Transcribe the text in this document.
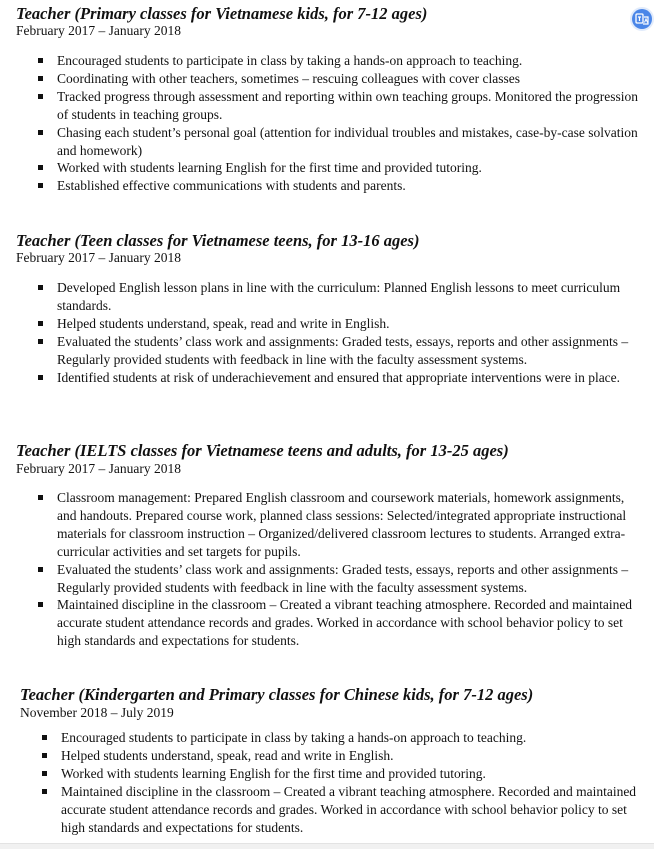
Teacher (Primary classes for Vietnamese kids, for 7-12 ages)
February 2017 – January 2018
Encouraged students to participate in class by taking a hands-on approach to teaching.
Coordinating with other teachers, sometimes – rescuing colleagues with cover classes
Tracked progress through assessment and reporting within own teaching groups. Monitored the progression of students in teaching groups.
Chasing each student’s personal goal (attention for individual troubles and mistakes, case-by-case solvation and homework)
Worked with students learning English for the first time and provided tutoring.
Established effective communications with students and parents.
Teacher (Teen classes for Vietnamese teens, for 13-16 ages)
February 2017 – January 2018
Developed English lesson plans in line with the curriculum: Planned English lessons to meet curriculum standards.
Helped students understand, speak, read and write in English.
Evaluated the students’ class work and assignments: Graded tests, essays, reports and other assignments – Regularly provided students with feedback in line with the faculty assessment systems.
Identified students at risk of underachievement and ensured that appropriate interventions were in place.
Teacher (IELTS classes for Vietnamese teens and adults, for 13-25 ages)
February 2017 – January 2018
Classroom management: Prepared English classroom and coursework materials, homework assignments, and handouts. Prepared course work, planned class sessions: Selected/integrated appropriate instructional materials for classroom instruction – Organized/delivered classroom lectures to students. Arranged extra-curricular activities and set targets for pupils.
Evaluated the students’ class work and assignments: Graded tests, essays, reports and other assignments – Regularly provided students with feedback in line with the faculty assessment systems.
Maintained discipline in the classroom – Created a vibrant teaching atmosphere. Recorded and maintained accurate student attendance records and grades. Worked in accordance with school behavior policy to set high standards and expectations for students.
Teacher (Kindergarten and Primary classes for Chinese kids, for 7-12 ages)
November 2018 – July 2019
Encouraged students to participate in class by taking a hands-on approach to teaching.
Helped students understand, speak, read and write in English.
Worked with students learning English for the first time and provided tutoring.
Maintained discipline in the classroom – Created a vibrant teaching atmosphere. Recorded and maintained accurate student attendance records and grades. Worked in accordance with school behavior policy to set high standards and expectations for students.
